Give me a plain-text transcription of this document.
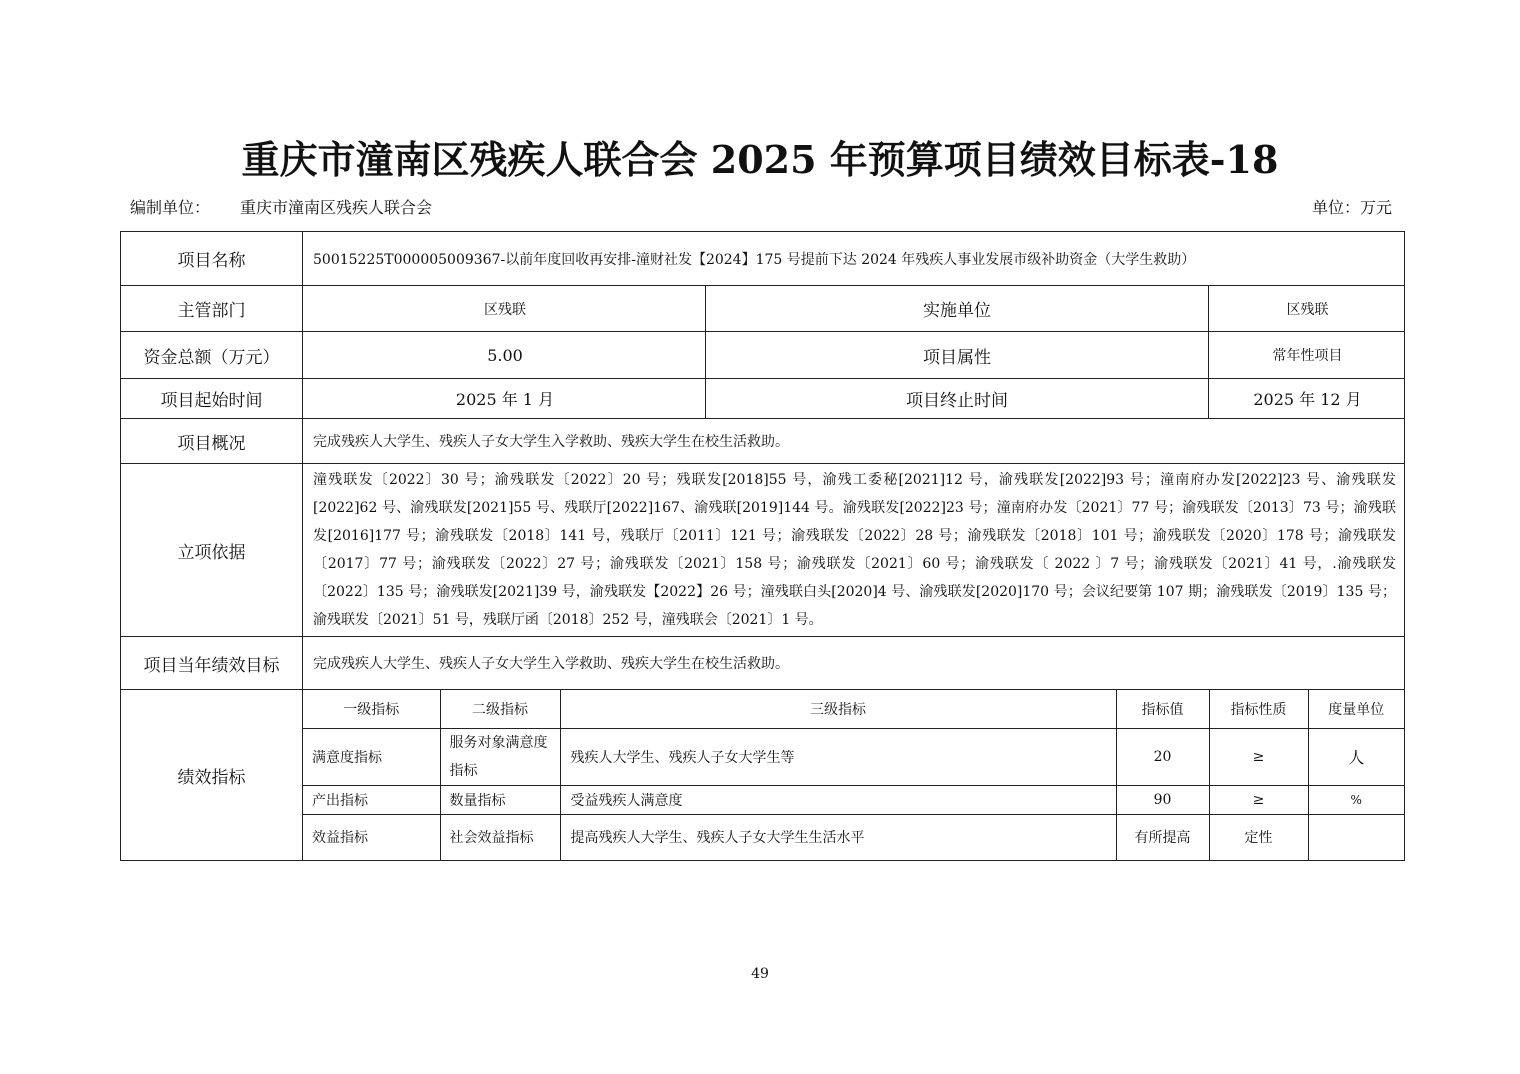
重庆市潼南区残疾人联合会 2025 年预算项目绩效目标表-18
编制单位： 重庆市潼南区残疾人联合会	单位：万元
项目名称	50015225T000005009367-以前年度回收再安排-潼财社发【2024】175 号提前下达 2024 年残疾人事业发展市级补助资金（大学生救助）
主管部门	区残联	实施单位	区残联
资金总额（万元）	5.00	项目属性	常年性项目
项目起始时间	2025 年 1 月	项目终止时间	2025 年 12 月
项目概况	完成残疾人大学生、残疾人子女大学生入学救助、残疾大学生在校生活救助。
立项依据	潼残联发〔2022〕30 号；渝残联发〔2022〕20 号；残联发[2018]55 号，渝残工委秘[2021]12 号，渝残联发[2022]93 号；潼南府办发[2022]23 号、渝残联发[2022]62 号、渝残联发[2021]55 号、残联厅[2022]167、渝残联[2019]144 号。渝残联发[2022]23 号；潼南府办发〔2021〕77 号；渝残联发〔2013〕73 号；渝残联发[2016]177 号；渝残联发〔2018〕141 号，残联厅〔2011〕121 号；渝残联发〔2022〕28 号；渝残联发〔2018〕101 号；渝残联发〔2020〕178 号；渝残联发〔2017〕77 号；渝残联发〔2022〕27 号；渝残联发〔2021〕158 号；渝残联发〔2021〕60 号；渝残联发〔 2022 〕7 号；渝残联发〔2021〕41 号，.渝残联发〔2022〕135 号；渝残联发[2021]39 号，渝残联发【2022】26 号；潼残联白头[2020]4 号、渝残联发[2020]170 号；会议纪要第 107 期；渝残联发〔2019〕135 号；渝残联发〔2021〕51 号，残联厅函〔2018〕252 号，潼残联会〔2021〕1 号。
项目当年绩效目标	完成残疾人大学生、残疾人子女大学生入学救助、残疾大学生在校生活救助。
绩效指标	
一级指标	二级指标	三级指标	指标值	指标性质	度量单位
满意度指标	服务对象满意度指标	残疾人大学生、残疾人子女大学生等	20	≥	人
产出指标	数量指标	受益残疾人满意度	90	≥	%
效益指标	社会效益指标	提高残疾人大学生、残疾人子女大学生生活水平	有所提高	定性	
49
